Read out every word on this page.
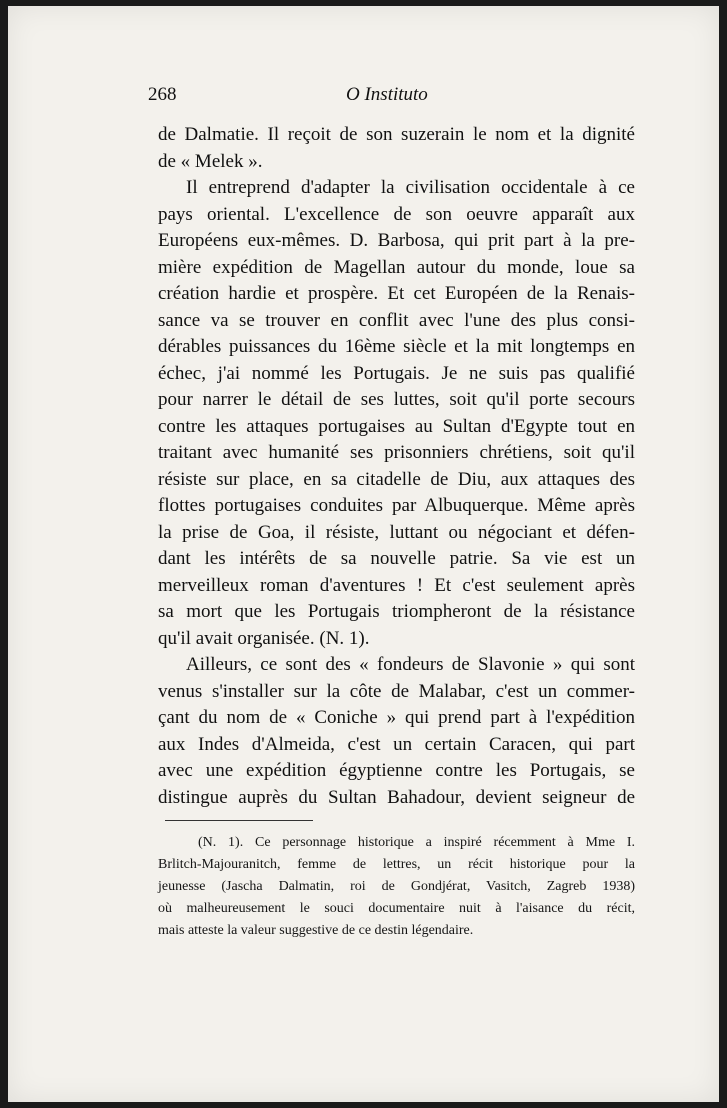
268	O Instituto
de Dalmatie. Il reçoit de son suzerain le nom et la dignité
de « Melek ».
Il entreprend d'adapter la civilisation occidentale à ce
pays oriental. L'excellence de son oeuvre apparaît aux
Européens eux-mêmes. D. Barbosa, qui prit part à la pre-
mière expédition de Magellan autour du monde, loue sa
création hardie et prospère. Et cet Européen de la Renais-
sance va se trouver en conflit avec l'une des plus consi-
dérables puissances du 16ème siècle et la mit longtemps en
échec, j'ai nommé les Portugais. Je ne suis pas qualifié
pour narrer le détail de ses luttes, soit qu'il porte secours
contre les attaques portugaises au Sultan d'Egypte tout en
traitant avec humanité ses prisonniers chrétiens, soit qu'il
résiste sur place, en sa citadelle de Diu, aux attaques des
flottes portugaises conduites par Albuquerque. Même après
la prise de Goa, il résiste, luttant ou négociant et défen-
dant les intérêts de sa nouvelle patrie. Sa vie est un
merveilleux roman d'aventures ! Et c'est seulement après
sa mort que les Portugais triompheront de la résistance
qu'il avait organisée. (N. 1).
Ailleurs, ce sont des « fondeurs de Slavonie » qui sont
venus s'installer sur la côte de Malabar, c'est un commer-
çant du nom de « Coniche » qui prend part à l'expédition
aux Indes d'Almeida, c'est un certain Caracen, qui part
avec une expédition égyptienne contre les Portugais, se
distingue auprès du Sultan Bahadour, devient seigneur de
(N. 1). Ce personnage historique a inspiré récemment à Mme I.
Brlitch-Majouranitch, femme de lettres, un récit historique pour la
jeunesse (Jascha Dalmatin, roi de Gondjérat, Vasitch, Zagreb 1938)
où malheureusement le souci documentaire nuit à l'aisance du récit,
mais atteste la valeur suggestive de ce destin légendaire.
